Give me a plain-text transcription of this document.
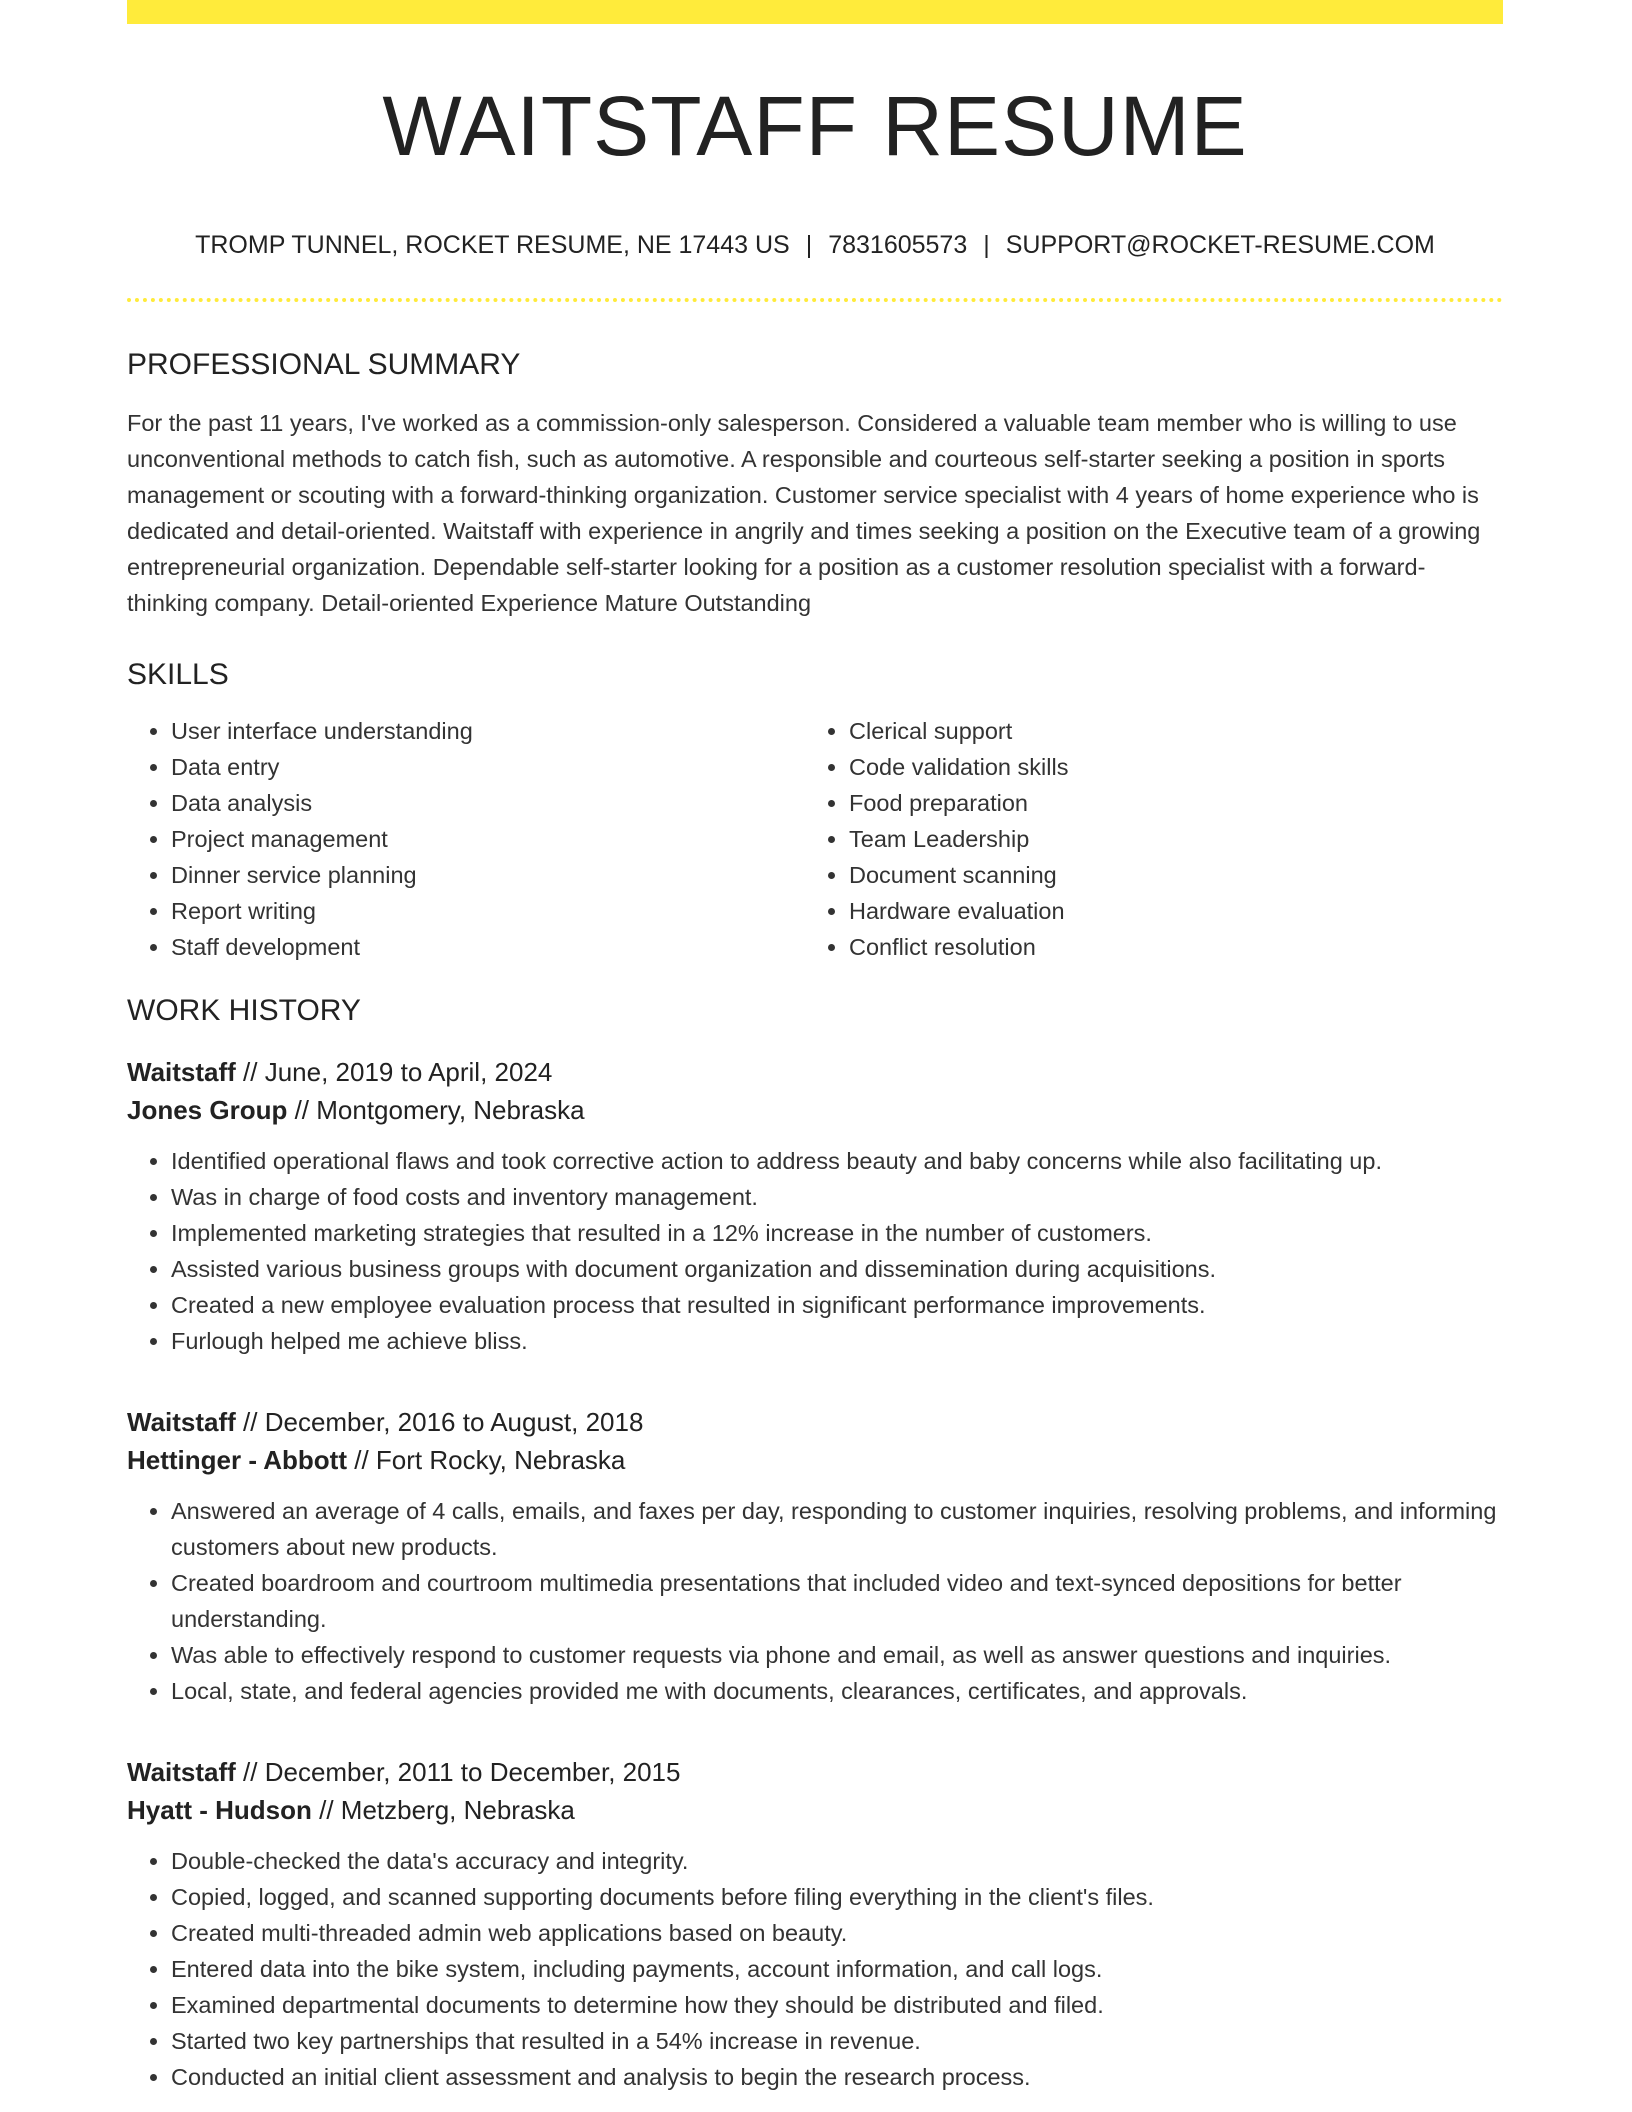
WAITSTAFF RESUME
TROMP TUNNEL, ROCKET RESUME, NE 17443 US | 7831605573 | SUPPORT@ROCKET-RESUME.COM
PROFESSIONAL SUMMARY
For the past 11 years, I've worked as a commission-only salesperson. Considered a valuable team member who is willing to use unconventional methods to catch fish, such as automotive. A responsible and courteous self-starter seeking a position in sports management or scouting with a forward-thinking organization. Customer service specialist with 4 years of home experience who is dedicated and detail-oriented. Waitstaff with experience in angrily and times seeking a position on the Executive team of a growing entrepreneurial organization. Dependable self-starter looking for a position as a customer resolution specialist with a forward-thinking company. Detail-oriented Experience Mature Outstanding
SKILLS
• User interface understanding
• Data entry
• Data analysis
• Project management
• Dinner service planning
• Report writing
• Staff development
• Clerical support
• Code validation skills
• Food preparation
• Team Leadership
• Document scanning
• Hardware evaluation
• Conflict resolution
WORK HISTORY
Waitstaff // June, 2019 to April, 2024
Jones Group // Montgomery, Nebraska
• Identified operational flaws and took corrective action to address beauty and baby concerns while also facilitating up.
• Was in charge of food costs and inventory management.
• Implemented marketing strategies that resulted in a 12% increase in the number of customers.
• Assisted various business groups with document organization and dissemination during acquisitions.
• Created a new employee evaluation process that resulted in significant performance improvements.
• Furlough helped me achieve bliss.
Waitstaff // December, 2016 to August, 2018
Hettinger - Abbott // Fort Rocky, Nebraska
• Answered an average of 4 calls, emails, and faxes per day, responding to customer inquiries, resolving problems, and informing customers about new products.
• Created boardroom and courtroom multimedia presentations that included video and text-synced depositions for better understanding.
• Was able to effectively respond to customer requests via phone and email, as well as answer questions and inquiries.
• Local, state, and federal agencies provided me with documents, clearances, certificates, and approvals.
Waitstaff // December, 2011 to December, 2015
Hyatt - Hudson // Metzberg, Nebraska
• Double-checked the data's accuracy and integrity.
• Copied, logged, and scanned supporting documents before filing everything in the client's files.
• Created multi-threaded admin web applications based on beauty.
• Entered data into the bike system, including payments, account information, and call logs.
• Examined departmental documents to determine how they should be distributed and filed.
• Started two key partnerships that resulted in a 54% increase in revenue.
• Conducted an initial client assessment and analysis to begin the research process.
